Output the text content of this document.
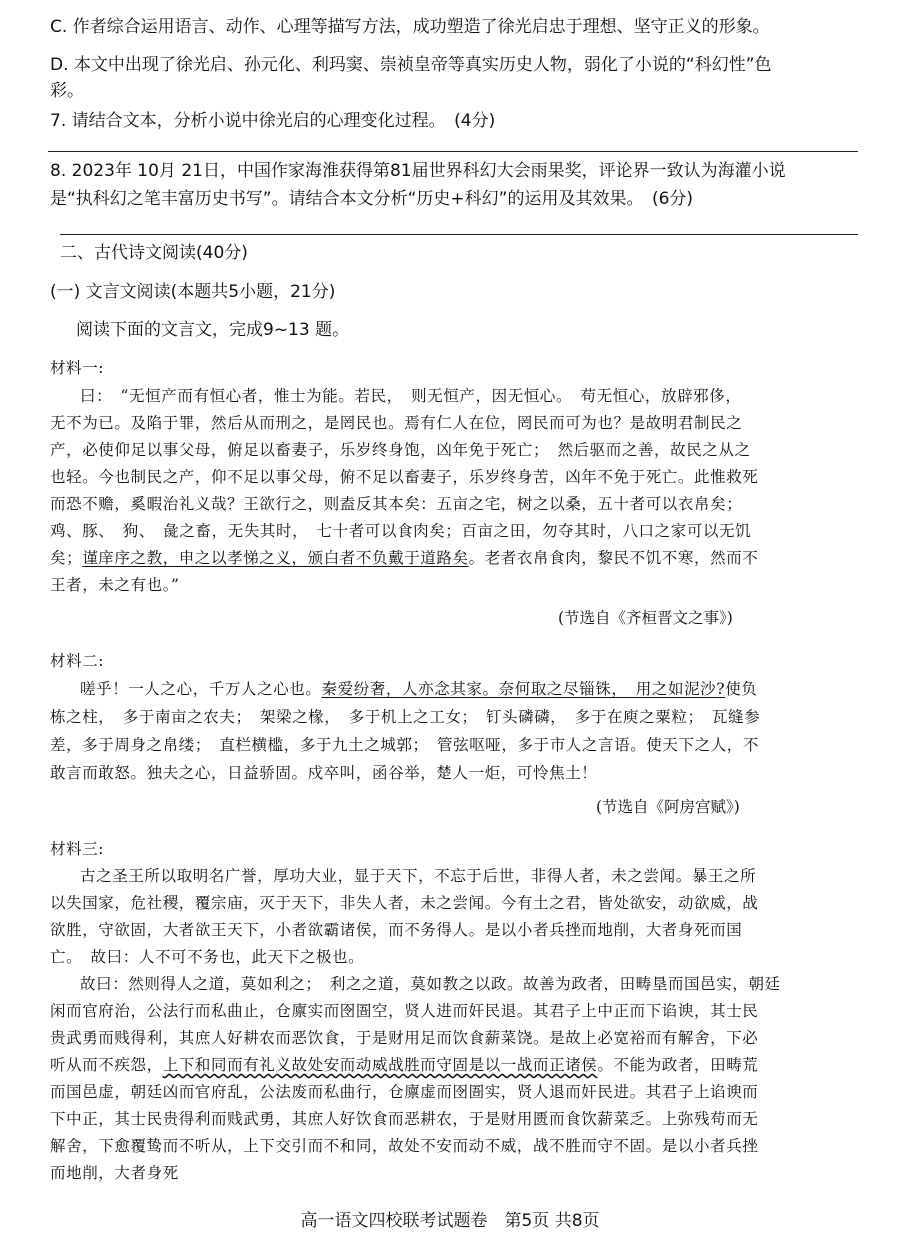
C. 作者综合运用语言、动作、心理等描写方法，成功塑造了徐光启忠于理想、坚守正义的形象。
D. 本文中出现了徐光启、孙元化、利玛窦、崇祯皇帝等真实历史人物，弱化了小说的“科幻性”色
彩。
7. 请结合文本，分析小说中徐光启的心理变化过程。　(4分)
8. 2023年 10月 21日，中国作家海淮获得第81届世界科幻大会雨果奖，评论界一致认为海灌小说
是“执科幻之笔丰富历史书写”。请结合本文分析“历史+科幻”的运用及其效果。　(6分)
二、古代诗文阅读(40分)
(一) 文言文阅读(本题共5小题，21分)
阅读下面的文言文，完成9~13 题。
材料一:
曰：　“无恒产而有恒心者，惟士为能。若民，　则无恒产，因无恒心。　苟无恒心，放辟邪侈，
无不为已。及陷于罪，然后从而刑之，是罔民也。焉有仁人在位，罔民而可为也？是故明君制民之
产，必使仰足以事父母，俯足以畜妻子，乐岁终身饱，凶年免于死亡；　然后驱而之善，故民之从之
也轻。今也制民之产，仰不足以事父母，俯不足以畜妻子，乐岁终身苦，凶年不免于死亡。此惟救死
而恐不赡，奚暇治礼义哉？王欲行之，则盍反其本矣：五亩之宅，树之以桑，五十者可以衣帛矣；
鸡、豚、　狗、　彘之畜，无失其时，　七十者可以食肉矣；百亩之田，勿夺其时，八口之家可以无饥
矣；谨庠序之教，申之以孝悌之义，颁白者不负戴于道路矣。老者衣帛食肉，黎民不饥不寒，然而不
王者，未之有也。”
(节选自《齐桓晋文之事》)
材料二:
嗟乎！一人之心，千万人之心也。秦爱纷奢，人亦念其家。奈何取之尽锱铢，　用之如泥沙?使负
栋之柱，　多于南亩之农夫；　架梁之椽，　多于机上之工女；　钉头磷磷，　多于在庾之粟粒；　瓦缝参
差，多于周身之帛缕；　直栏横槛，多于九土之城郭；　管弦呕哑，多于市人之言语。使天下之人，不
敢言而敢怒。独夫之心，日益骄固。戍卒叫，函谷举，楚人一炬，可怜焦土！
(节选自《阿房宫赋》)
材料三:
古之圣王所以取明名广誉，厚功大业，显于天下，不忘于后世，非得人者，未之尝闻。暴王之所
以失国家，危社稷，覆宗庙，灭于天下，非失人者，未之尝闻。今有土之君，皆处欲安，动欲威，战
欲胜，守欲固，大者欲王天下，小者欲霸诸侯，而不务得人。是以小者兵挫而地削，大者身死而国
亡。　故曰：人不可不务也，此天下之极也。
故曰：然则得人之道，莫如利之；　利之之道，莫如教之以政。故善为政者，田畴垦而国邑实，朝廷
闲而官府治，公法行而私曲止，仓廪实而囹圄空，贤人进而奸民退。其君子上中正而下谄谀，其士民
贵武勇而贱得利，其庶人好耕农而恶饮食，于是财用足而饮食薪菜饶。是故上必宽裕而有解舍，下必
听从而不疾怨，上下和同而有礼义故处安而动威战胜而守固是以一战而正诸侯。不能为政者，田畴荒
而国邑虚，朝廷凶而官府乱，公法废而私曲行，仓廪虚而囹圄实，贤人退而奸民进。其君子上谄谀而
下中正，其士民贵得利而贱武勇，其庶人好饮食而恶耕农，于是财用匮而食饮薪菜乏。上弥残苟而无
解舍，下愈覆鸷而不听从，上下交引而不和同，故处不安而动不威，战不胜而守不固。是以小者兵挫
而地削，大者身死
高一语文四校联考试题卷　第5页 共8页
